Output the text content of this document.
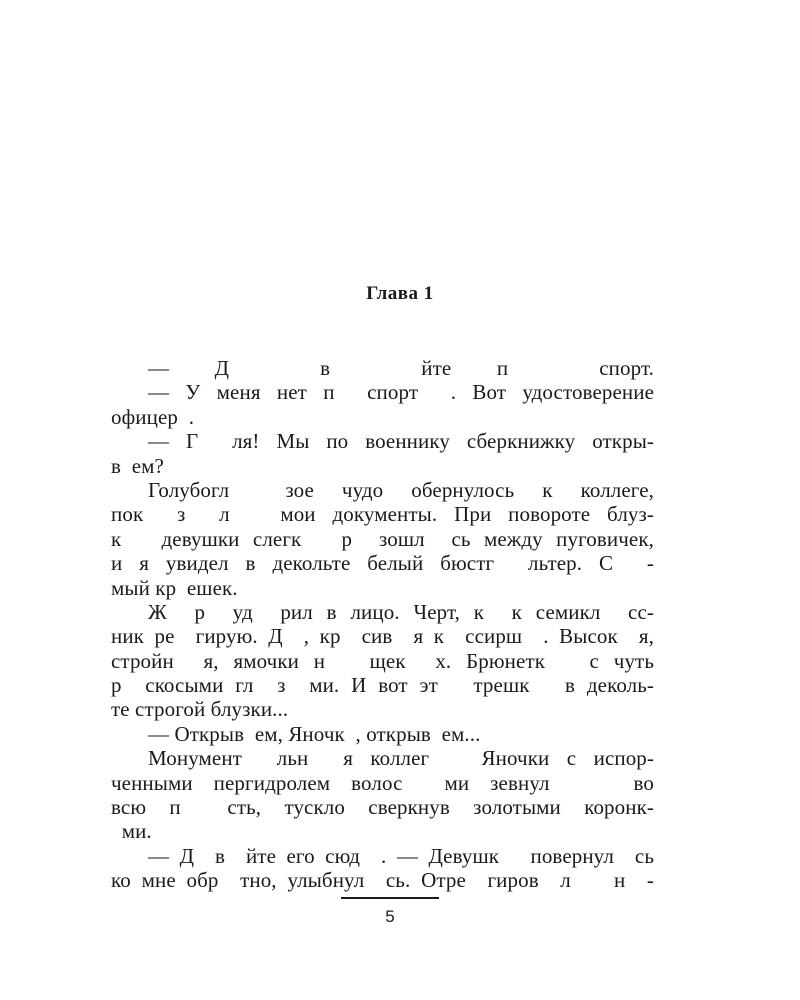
Глава 1
— Д  в  йте п  спорт.
— У меня нет п  спорт  . Вот удостоверение
офицер  .
— Г  ля! Мы по военнику сберкнижку откры-
в  ем?
Голубогл  зое чудо обернулось к коллеге,
пок  з  л   мои документы. При повороте блуз-
к   девушки слегк   р  зошл  сь между пуговичек,
и я увидел в декольте белый бюстг  льтер. С  -
мый кр  ешек.
Ж  р  уд  рил в лицо. Черт, к  к семикл  сс-
ник ре  гирую. Д  , кр  сив  я к  ссирш  . Высок  я,
стройн  я, ямочки н   щек  х. Брюнетк   с чуть
р  скосыми гл  з  ми. И вот эт   трешк   в деколь-
те строгой блузки...
— Открыв  ем, Яночк  , открыв  ем...
Монумент  льн  я коллег   Яночки с испор-
ченными пергидролем волос  ми зевнул    во
всю п  сть, тускло сверкнув золотыми коронк-
ми.
— Д  в  йте его сюд  . — Девушк   повернул  сь
ко мне обр  тно, улыбнул  сь. Отре  гиров  л    н  -
5
